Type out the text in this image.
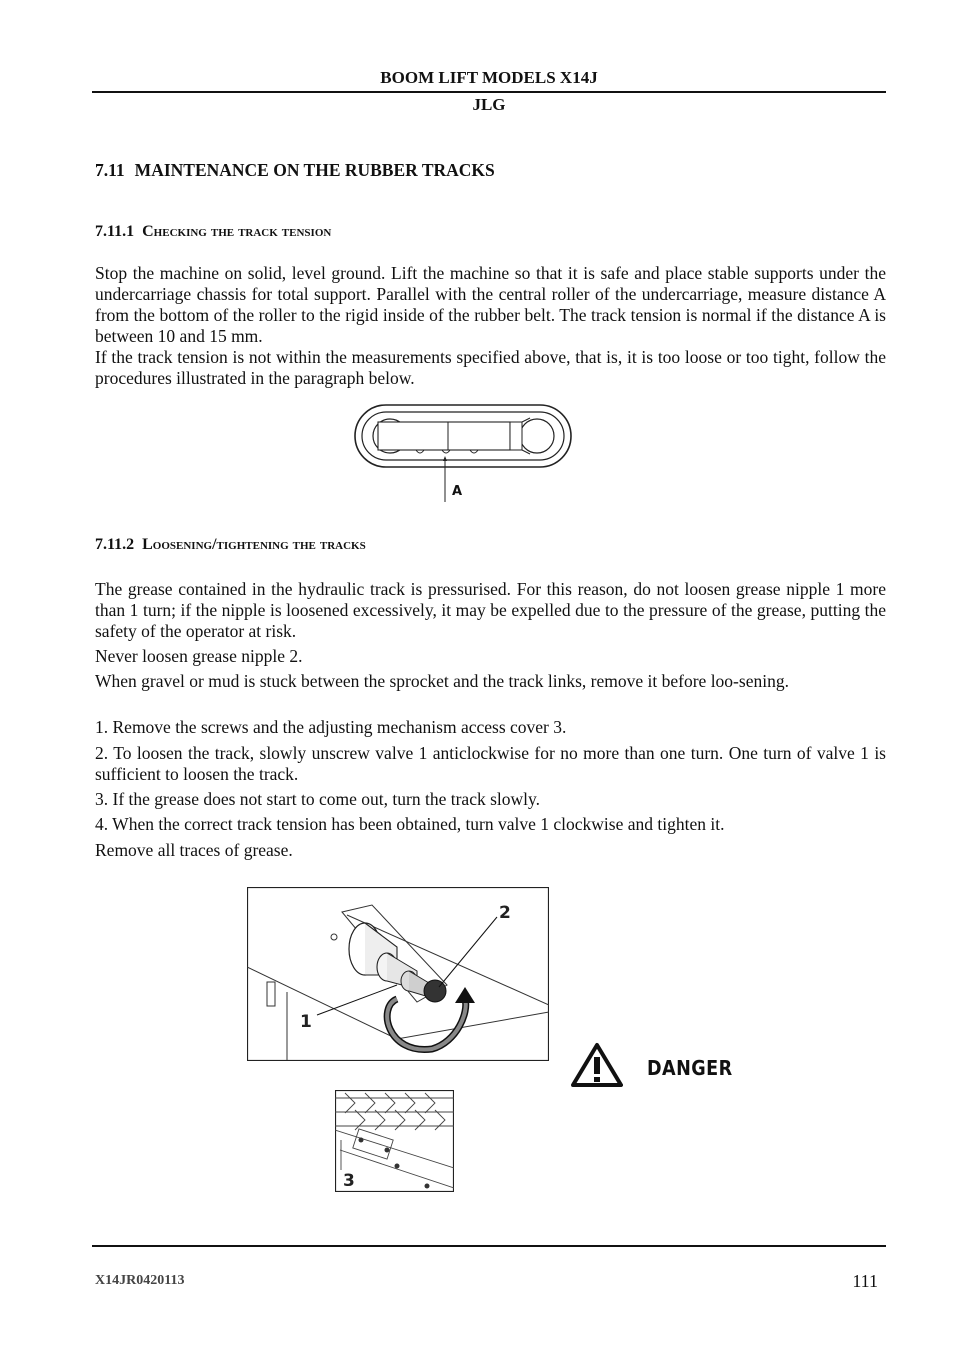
BOOM LIFT MODELS X14J
JLG
7.11 MAINTENANCE ON THE RUBBER TRACKS
7.11.1 Checking the track tension

Stop the machine on solid, level ground. Lift the machine so that it is safe and place stable supports under the undercarriage chassis for total support. Parallel with the central roller of the undercarriage, measure distance A from the bottom of the roller to the rigid inside of the rubber belt. The track tension is normal if the distance A is between 10 and 15 mm.

If the track tension is not within the measurements specified above, that is, it is too loose or too tight, follow the procedures illustrated in the paragraph below.

A
7.11.2 Loosening/tightening the tracks

The grease contained in the hydraulic track is pressurised. For this reason, do not loosen grease nipple 1 more than 1 turn; if the nipple is loosened excessively, it may be expelled due to the pressure of the grease, putting the safety of the operator at risk.

Never loosen grease nipple 2.

When gravel or mud is stuck between the sprocket and the track links, remove it before loo-sening.

1. Remove the screws and the adjusting mechanism access cover 3.

2. To loosen the track, slowly unscrew valve 1 anticlockwise for no more than one turn. One turn of valve 1 is sufficient to loosen the track.

3. If the grease does not start to come out, turn the track slowly.

4. When the correct track tension has been obtained, turn valve 1 clockwise and tighten it.

Remove all traces of grease.

2
1
3
DANGER
X14JR0420113	111
